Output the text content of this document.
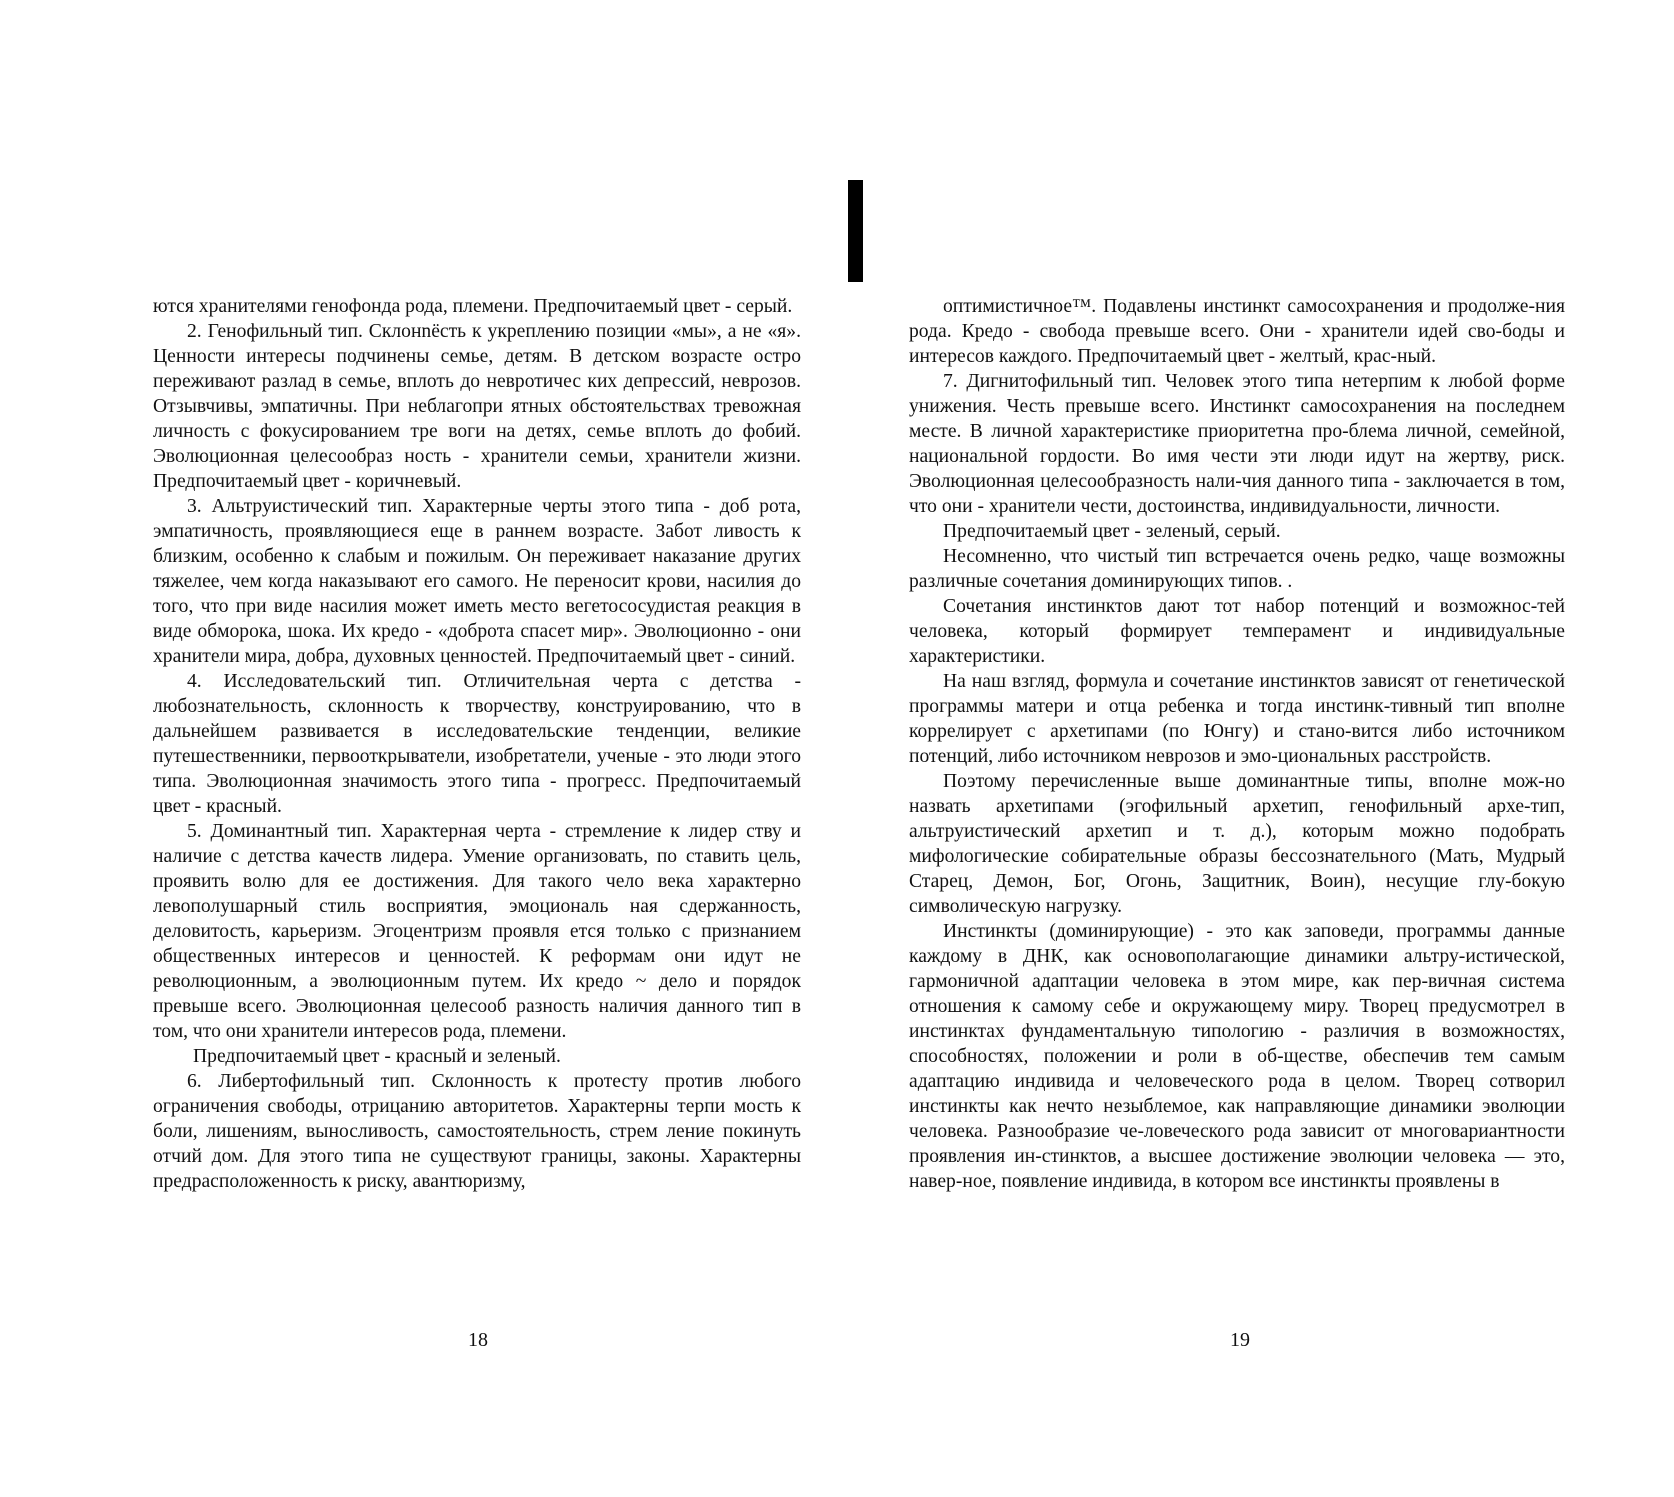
ются хранителями генофонда рода, племени. Предпочитаемый цвет - серый.

2. Генофильный тип. Склонnёсть к укреплению позиции «мы», а не «я». Ценности интересы подчинены семье, детям. В детском возрасте остро переживают разлад в семье, вплоть до невротичес ких депрессий, неврозов. Отзывчивы, эмпатичны. При неблагопри ятных обстоятельствах тревожная личность с фокусированием тре воги на детях, семье вплоть до фобий. Эволюционная целесообраз ность - хранители семьи, хранители жизни. Предпочитаемый цвет - коричневый.

3. Альтруистический тип. Характерные черты этого типа - доб рота, эмпатичность, проявляющиеся еще в раннем возрасте. Забот ливость к близким, особенно к слабым и пожилым. Он переживает наказание других тяжелее, чем когда наказывают его самого. Не переносит крови, насилия до того, что при виде насилия может иметь место вегетососудистая реакция в виде обморока, шока. Их кредо - «доброта спасет мир». Эволюционно - они хранители мира, добра, духовных ценностей. Предпочитаемый цвет - синий.

4. Исследовательский тип. Отличительная черта с детства - любознательность, склонность к творчеству, конструированию, что в дальнейшем развивается в исследовательские тенденции, великие путешественники, первооткрыватели, изобретатели, ученые - это люди этого типа. Эволюционная значимость этого типа - прогресс. Предпочитаемый цвет - красный.

5. Доминантный тип. Характерная черта - стремление к лидер ству и наличие с детства качеств лидера. Умение организовать, по ставить цель, проявить волю для ее достижения. Для такого чело века характерно левополушарный стиль восприятия, эмоциональ ная сдержанность, деловитость, карьеризм. Эгоцентризм проявля ется только с признанием общественных интересов и ценностей. К реформам они идут не революционным, а эволюционным путем. Их кредо ~ дело и порядок превыше всего. Эволюционная целесооб разность наличия данного тип в том, что они хранители интересов рода, племени.

Предпочитаемый цвет - красный и зеленый.

6. Либертофильный тип. Склонность к протесту против любого ограничения свободы, отрицанию авторитетов. Характерны терпи мость к боли, лишениям, выносливость, самостоятельность, стрем ление покинуть отчий дом. Для этого типа не существуют границы, законы. Характерны предрасположенность к риску, авантюризму,

оптимистичное™. Подавлены инстинкт самосохранения и продолже-ния рода. Кредо - свобода превыше всего. Они - хранители идей сво-боды и интересов каждого. Предпочитаемый цвет - желтый, крас-ный.

7. Дигнитофильный тип. Человек этого типа нетерпим к любой форме унижения. Честь превыше всего. Инстинкт самосохранения на последнем месте. В личной характеристике приоритетна про-блема личной, семейной, национальной гордости. Во имя чести эти люди идут на жертву, риск. Эволюционная целесообразность нали-чия данного типа - заключается в том, что они - хранители чести, достоинства, индивидуальности, личности.

Предпочитаемый цвет - зеленый, серый.

Несомненно, что чистый тип встречается очень редко, чаще возможны различные сочетания доминирующих типов. .

Сочетания инстинктов дают тот набор потенций и возможнос-тей человека, который формирует темперамент и индивидуальные характеристики.

На наш взгляд, формула и сочетание инстинктов зависят от генетической программы матери и отца ребенка и тогда инстинк-тивный тип вполне коррелирует с архетипами (по Юнгу) и стано-вится либо источником потенций, либо источником неврозов и эмо-циональных расстройств.

Поэтому перечисленные выше доминантные типы, вполне мож-но назвать архетипами (эгофильный архетип, генофильный архе-тип, альтруистический архетип и т. д.), которым можно подобрать мифологические собирательные образы бессознательного (Мать, Мудрый Старец, Демон, Бог, Огонь, Защитник, Воин), несущие глу-бокую символическую нагрузку.

Инстинкты (доминирующие) - это как заповеди, программы данные каждому в ДНК, как основополагающие динамики альтру-истической, гармоничной адаптации человека в этом мире, как пер-вичная система отношения к самому себе и окружающему миру. Творец предусмотрел в инстинктах фундаментальную типологию - различия в возможностях, способностях, положении и роли в об-ществе, обеспечив тем самым адаптацию индивида и человеческого рода в целом. Творец сотворил инстинкты как нечто незыблемое, как направляющие динамики эволюции человека. Разнообразие че-ловеческого рода зависит от многовариантности проявления ин-стинктов, а высшее достижение эволюции человека — это, навер-ное, появление индивида, в котором все инстинкты проявлены в

18	19
